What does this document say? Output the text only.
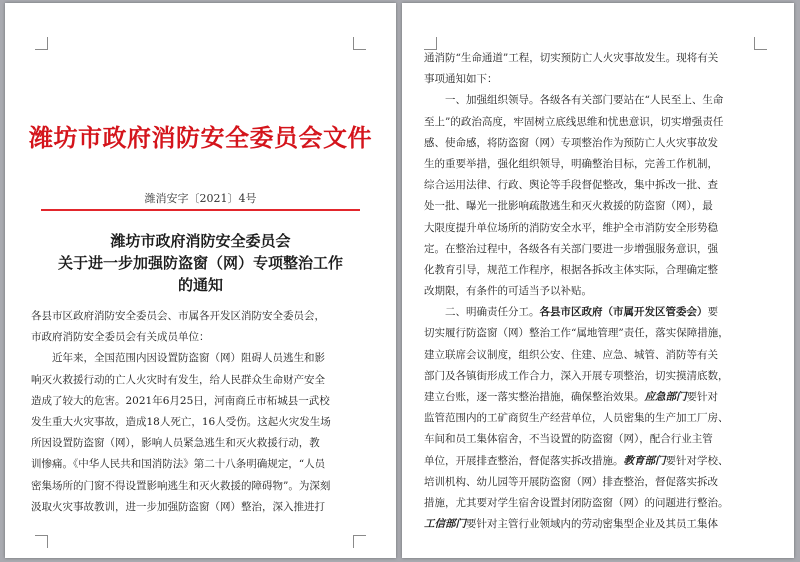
潍坊市政府消防安全委员会文件
潍消安字〔2021〕4号
潍坊市政府消防安全委员会
关于进一步加强防盗窗（网）专项整治工作
的通知
各县市区政府消防安全委员会、市属各开发区消防安全委员会，
市政府消防安全委员会有关成员单位：
　　近年来，全国范围内因设置防盗窗（网）阻碍人员逃生和影
响灭火救援行动的亡人火灾时有发生，给人民群众生命财产安全
造成了较大的危害。2021年6月25日，河南商丘市柘城县一武校
发生重大火灾事故，造成18人死亡，16人受伤。这起火灾发生场
所因设置防盗窗（网），影响人员紧急逃生和灭火救援行动，教
训惨痛。《中华人民共和国消防法》第二十八条明确规定，“人员
密集场所的门窗不得设置影响逃生和灭火救援的障碍物”。为深刻
汲取火灾事故教训，进一步加强防盗窗（网）整治，深入推进打
通消防“生命通道”工程，切实预防亡人火灾事故发生。现将有关
事项通知如下：
　　一、加强组织领导。各级各有关部门要站在“人民至上、生命
至上”的政治高度，牢固树立底线思维和忧患意识，切实增强责任
感、使命感，将防盗窗（网）专项整治作为预防亡人火灾事故发
生的重要举措，强化组织领导，明确整治目标，完善工作机制，
综合运用法律、行政、舆论等手段督促整改，集中拆改一批、查
处一批、曝光一批影响疏散逃生和灭火救援的防盗窗（网），最
大限度提升单位场所的消防安全水平，维护全市消防安全形势稳
定。在整治过程中，各级各有关部门要进一步增强服务意识，强
化教育引导，规范工作程序，根据各拆改主体实际，合理确定整
改期限，有条件的可适当予以补贴。
　　二、明确责任分工。各县市区政府（市属开发区管委会）要
切实履行防盗窗（网）整治工作“属地管理”责任，落实保障措施，
建立联席会议制度，组织公安、住建、应急、城管、消防等有关
部门及各镇街形成工作合力，深入开展专项整治，切实摸清底数，
建立台账，逐一落实整治措施，确保整治效果。应急部门要针对
监管范围内的工矿商贸生产经营单位，人员密集的生产加工厂房、
车间和员工集体宿舍，不当设置的防盗窗（网），配合行业主管
单位，开展排查整治，督促落实拆改措施。教育部门要针对学校、
培训机构、幼儿园等开展防盗窗（网）排查整治，督促落实拆改
措施，尤其要对学生宿舍设置封闭防盗窗（网）的问题进行整治。
工信部门要针对主管行业领域内的劳动密集型企业及其员工集体
